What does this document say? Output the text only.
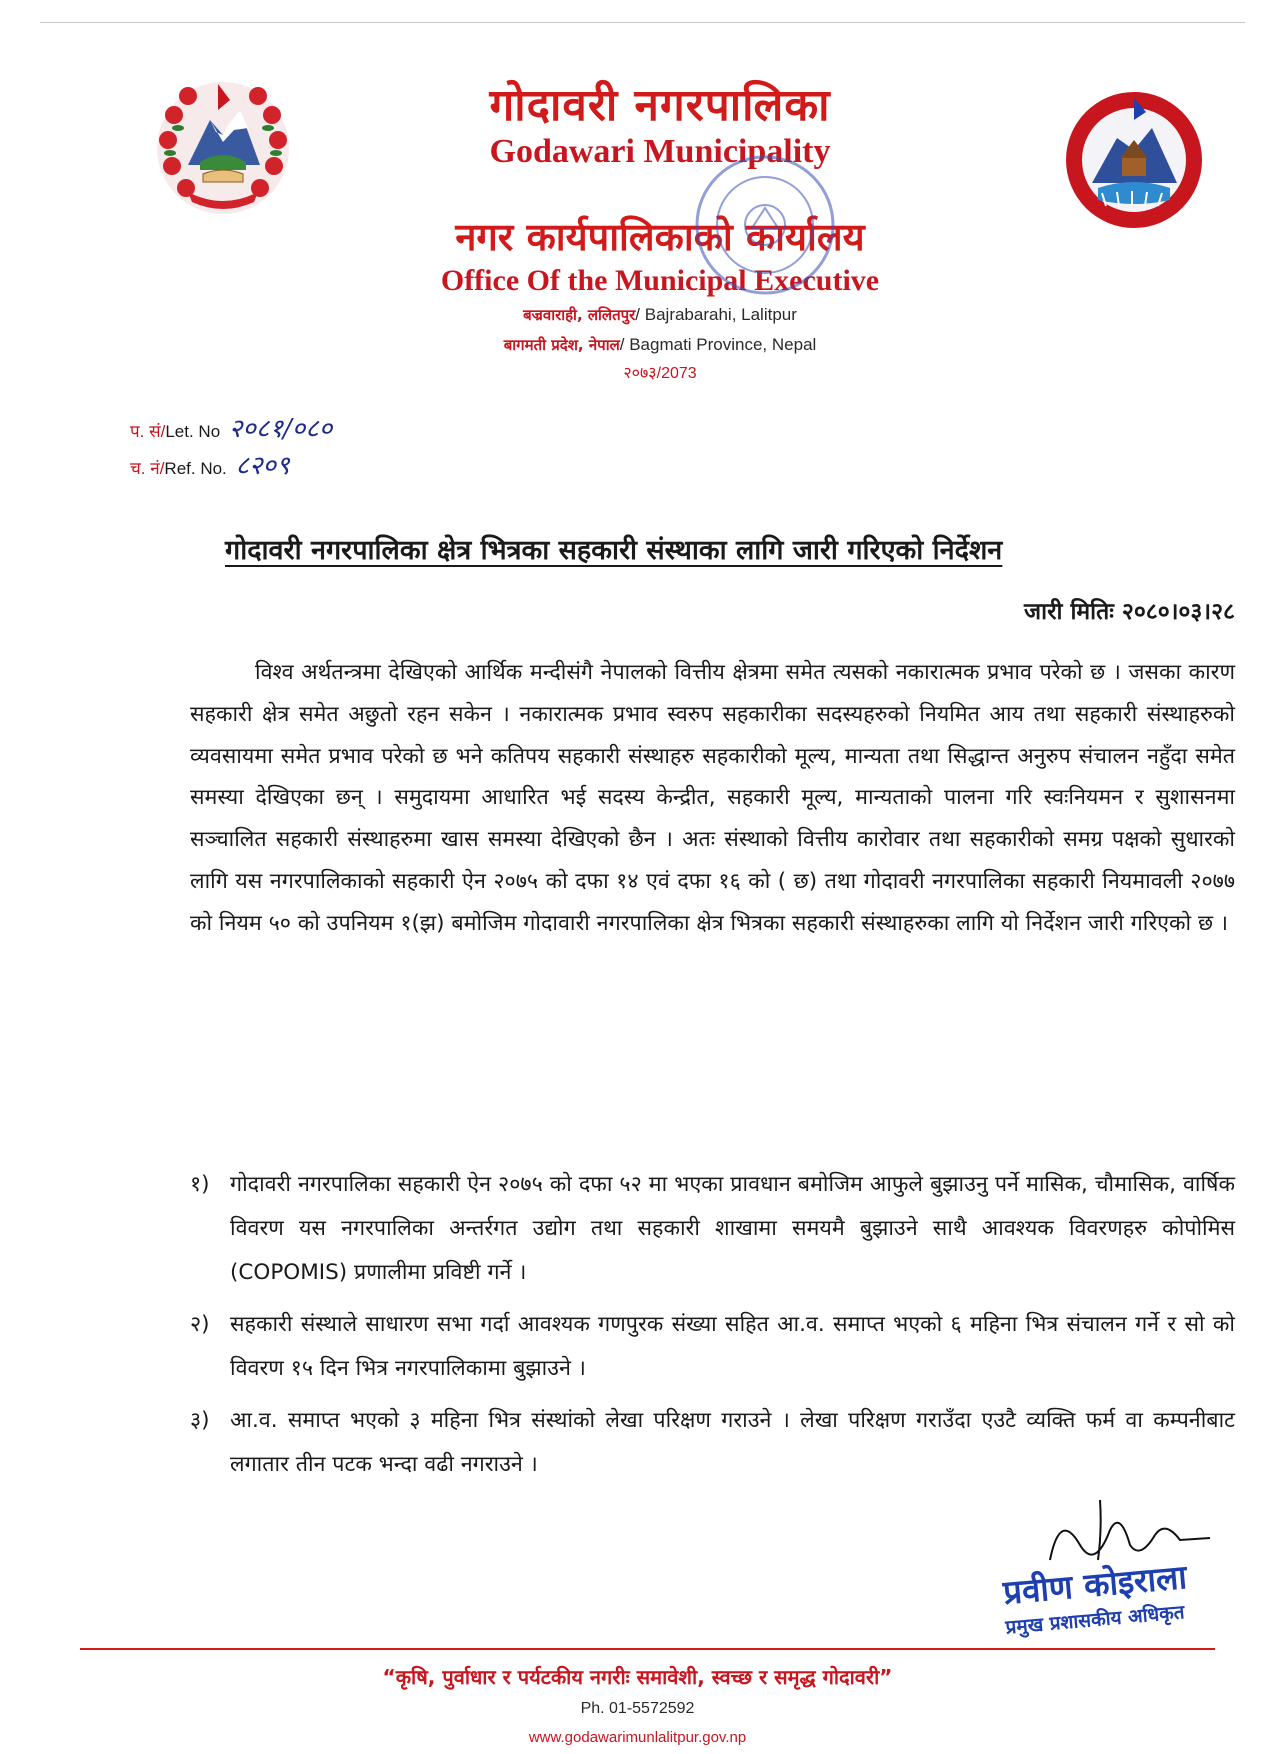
गोदावरी नगरपालिका
Godawari Municipality
नगर कार्यपालिकाको कार्यालय
Office Of the Municipal Executive
बज्रवाराही, ललितपुर/ Bajrabarahi, Lalitpur
बागमती प्रदेश, नेपाल/ Bagmati Province, Nepal
२०७३/2073
प. सं/Let. No २०८१/०८०
च. नं/Ref. No. ८२०९
गोदावरी नगरपालिका क्षेत्र भित्रका सहकारी संस्थाका लागि जारी गरिएको निर्देशन
जारी मितिः २०८०।०३।२८
विश्व अर्थतन्त्रमा देखिएको आर्थिक मन्दीसंगै नेपालको वित्तीय क्षेत्रमा समेत त्यसको नकारात्मक प्रभाव परेको छ । जसका कारण सहकारी क्षेत्र समेत अछुतो रहन सकेन । नकारात्मक प्रभाव स्वरुप सहकारीका सदस्यहरुको नियमित आय तथा सहकारी संस्थाहरुको व्यवसायमा समेत प्रभाव परेको छ भने कतिपय सहकारी संस्थाहरु सहकारीको मूल्य, मान्यता तथा सिद्धान्त अनुरुप संचालन नहुँदा समेत समस्या देखिएका छन् । समुदायमा आधारित भई सदस्य केन्द्रीत, सहकारी मूल्य, मान्यताको पालना गरि स्वःनियमन र सुशासनमा सञ्चालित सहकारी संस्थाहरुमा खास समस्या देखिएको छैन । अतः संस्थाको वित्तीय कारोवार तथा सहकारीको समग्र पक्षको सुधारको लागि यस नगरपालिकाको सहकारी ऐन २०७५ को दफा १४ एवं दफा १६ को ( छ) तथा गोदावरी नगरपालिका सहकारी नियमावली २०७७ को नियम ५० को उपनियम १(झ) बमोजिम गोदावारी नगरपालिका क्षेत्र भित्रका सहकारी संस्थाहरुका लागि यो निर्देशन जारी गरिएको छ ।
१) गोदावरी नगरपालिका सहकारी ऐन २०७५ को दफा ५२ मा भएका प्रावधान बमोजिम आफुले बुझाउनु पर्ने मासिक, चौमासिक, वार्षिक विवरण यस नगरपालिका अन्तर्रगत उद्योग तथा सहकारी शाखामा समयमै बुझाउने साथै आवश्यक विवरणहरु कोपोमिस (COPOMIS) प्रणालीमा प्रविष्टी गर्ने ।
२) सहकारी संस्थाले साधारण सभा गर्दा आवश्यक गणपुरक संख्या सहित आ.व. समाप्त भएको ६ महिना भित्र संचालन गर्ने र सो को विवरण १५ दिन भित्र नगरपालिकामा बुझाउने ।
३) आ.व. समाप्त भएको ३ महिना भित्र संस्थांको लेखा परिक्षण गराउने । लेखा परिक्षण गराउँदा एउटै व्यक्ति फर्म वा कम्पनीबाट लगातार तीन पटक भन्दा वढी नगराउने ।
प्रवीण कोइराला
प्रमुख प्रशासकीय अधिकृत
“कृषि, पुर्वाधार र पर्यटकीय नगरीः समावेशी, स्वच्छ र समृद्ध गोदावरी”
Ph. 01-5572592
www.godawarimunlalitpur.gov.np
